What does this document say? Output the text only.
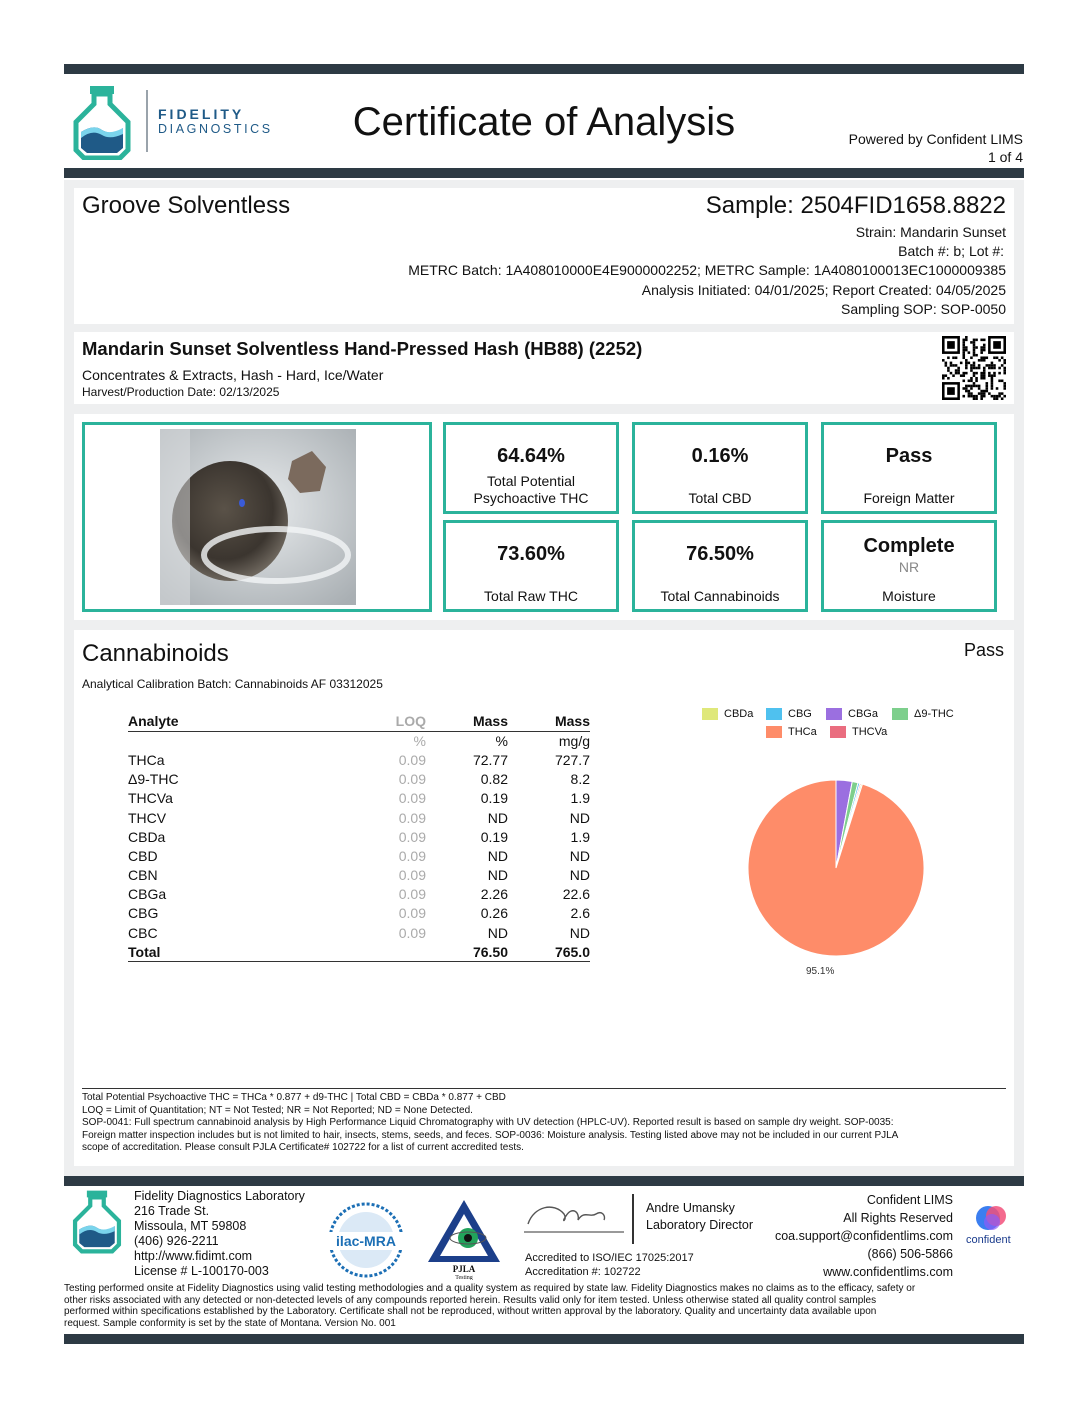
FIDELITY
DIAGNOSTICS	Certificate of Analysis	Powered by Confident LIMS
1 of 4
Groove Solventless	Sample: 2504FID1658.8822
Strain: Mandarin Sunset
Batch #: b; Lot #:
METRC Batch: 1A408010000E4E9000002252; METRC Sample: 1A4080100013EC1000009385
Analysis Initiated: 04/01/2025; Report Created: 04/05/2025
Sampling SOP: SOP-0050
Mandarin Sunset Solventless Hand-Pressed Hash (HB88) (2252)
Concentrates & Extracts, Hash - Hard, Ice/Water
Harvest/Production Date: 02/13/2025
64.64%
Total Potential
Psychoactive THC
0.16%
Total CBD
Pass
Foreign Matter
73.60%
Total Raw THC
76.50%
Total Cannabinoids
Complete
NR
Moisture
Cannabinoids	Pass
Analytical Calibration Batch: Cannabinoids AF 03312025
Analyte	LOQ	Mass	Mass
	%	%	mg/g
THCa	0.09	72.77	727.7
Δ9-THC	0.09	0.82	8.2
THCVa	0.09	0.19	1.9
THCV	0.09	ND	ND
CBDa	0.09	0.19	1.9
CBD	0.09	ND	ND
CBN	0.09	ND	ND
CBGa	0.09	2.26	22.6
CBG	0.09	0.26	2.6
CBC	0.09	ND	ND
Total		76.50	765.0
CBDa	CBG	CBGa	Δ9-THC
THCa	THCVa
95.1%
Total Potential Psychoactive THC = THCa * 0.877 + d9-THC | Total CBD = CBDa * 0.877 + CBD
LOQ = Limit of Quantitation; NT = Not Tested; NR = Not Reported; ND = None Detected.
SOP-0041: Full spectrum cannabinoid analysis by High Performance Liquid Chromatography with UV detection (HPLC-UV). Reported result is based on sample dry weight. SOP-0035:
Foreign matter inspection includes but is not limited to hair, insects, stems, seeds, and feces. SOP-0036: Moisture analysis. Testing listed above may not be included in our current PJLA
scope of accreditation. Please consult PJLA Certificate# 102722 for a list of current accredited tests.
Fidelity Diagnostics Laboratory
216 Trade St.
Missoula, MT 59808
(406) 926-2211
http://www.fidimt.com
License # L-100170-003
ilac-MRA
PJLA
Testing
Andre Umansky
Laboratory Director
Accredited to ISO/IEC 17025:2017
Accreditation #: 102722
Confident LIMS
All Rights Reserved
coa.support@confidentlims.com
(866) 506-5866
www.confidentlims.com
confident
Testing performed onsite at Fidelity Diagnostics using valid testing methodologies and a quality system as required by state law. Fidelity Diagnostics makes no claims as to the efficacy, safety or
other risks associated with any detected or non-detected levels of any compounds reported herein. Results valid only for item tested. Unless otherwise stated all quality control samples
performed within specifications established by the Laboratory. Certificate shall not be reproduced, without written approval by the laboratory. Quality and uncertainty data available upon
request. Sample conformity is set by the state of Montana. Version No. 001
